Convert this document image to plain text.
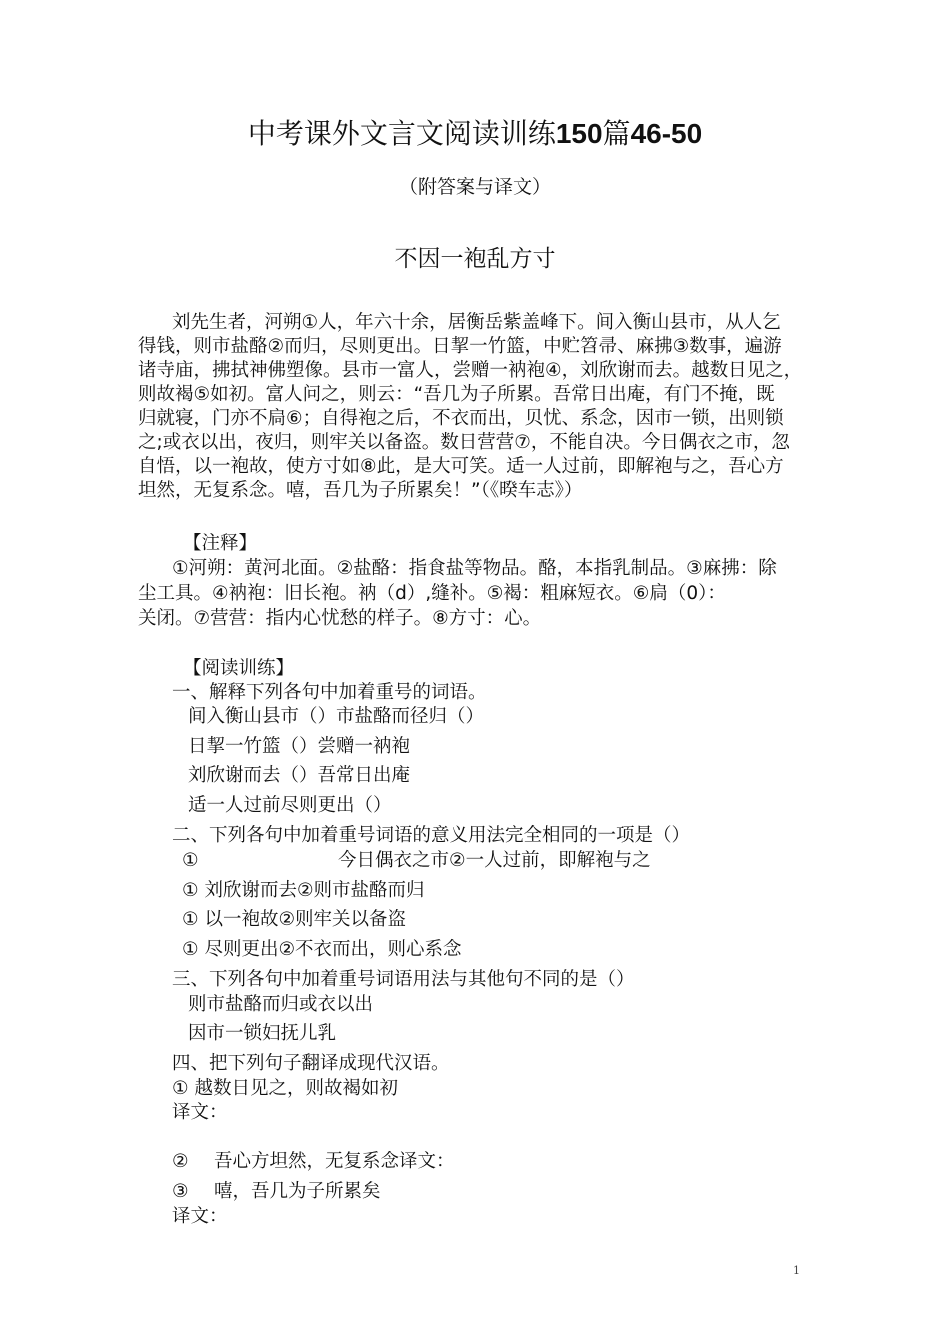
中考课外文言文阅读训练150篇46-50
（附答案与译文）
不因一袍乱方寸
刘先生者，河朔①人，年六十余，居衡岳紫盖峰下。间入衡山县市，从人乞
得钱，则市盐酪②而归，尽则更出。日挈一竹篮，中贮笤帚、麻拂③数事，遍游
诸寺庙，拂拭神佛塑像。县市一富人，尝赠一衲袍④，刘欣谢而去。越数日见之，
则故褐⑤如初。富人问之，则云：“吾几为子所累。吾常日出庵，有门不掩，既
归就寝，门亦不扃⑥；自得袍之后，不衣而出，贝忧、系念，因市一锁，出则锁
之;或衣以出，夜归，则牢关以备盗。数日营营⑦，不能自决。今日偶衣之市，忽
自悟，以一袍故，使方寸如⑧此，是大可笑。适一人过前，即解袍与之，吾心方
坦然，无复系念。嘻，吾几为子所累矣！”（《暌车志》）
【注释】
①河朔：黄河北面。②盐酪：指食盐等物品。酪，本指乳制品。③麻拂：除
尘工具。④衲袍：旧长袍。衲（d）,缝补。⑤褐：粗麻短衣。⑥扃（0）：
关闭。⑦营营：指内心忧愁的样子。⑧方寸：心。
【阅读训练】
一、解释下列各句中加着重号的词语。
间入衡山县市（）市盐酪而径归（）
日挈一竹篮（）尝赠一衲袍
刘欣谢而去（）吾常日出庵
适一人过前尽则更出（）
二、下列各句中加着重号词语的意义用法完全相同的一项是（）
①	今日偶衣之市②一人过前，即解袍与之
① 刘欣谢而去②则市盐酪而归
① 以一袍故②则牢关以备盗
① 尽则更出②不衣而出，则心系念
三、下列各句中加着重号词语用法与其他句不同的是（）
则市盐酪而归或衣以出
因市一锁妇抚儿乳
四、把下列句子翻译成现代汉语。
① 越数日见之，则故褐如初
译文：
② 吾心方坦然，无复系念译文：
③ 嘻，吾几为子所累矣
译文：
1
